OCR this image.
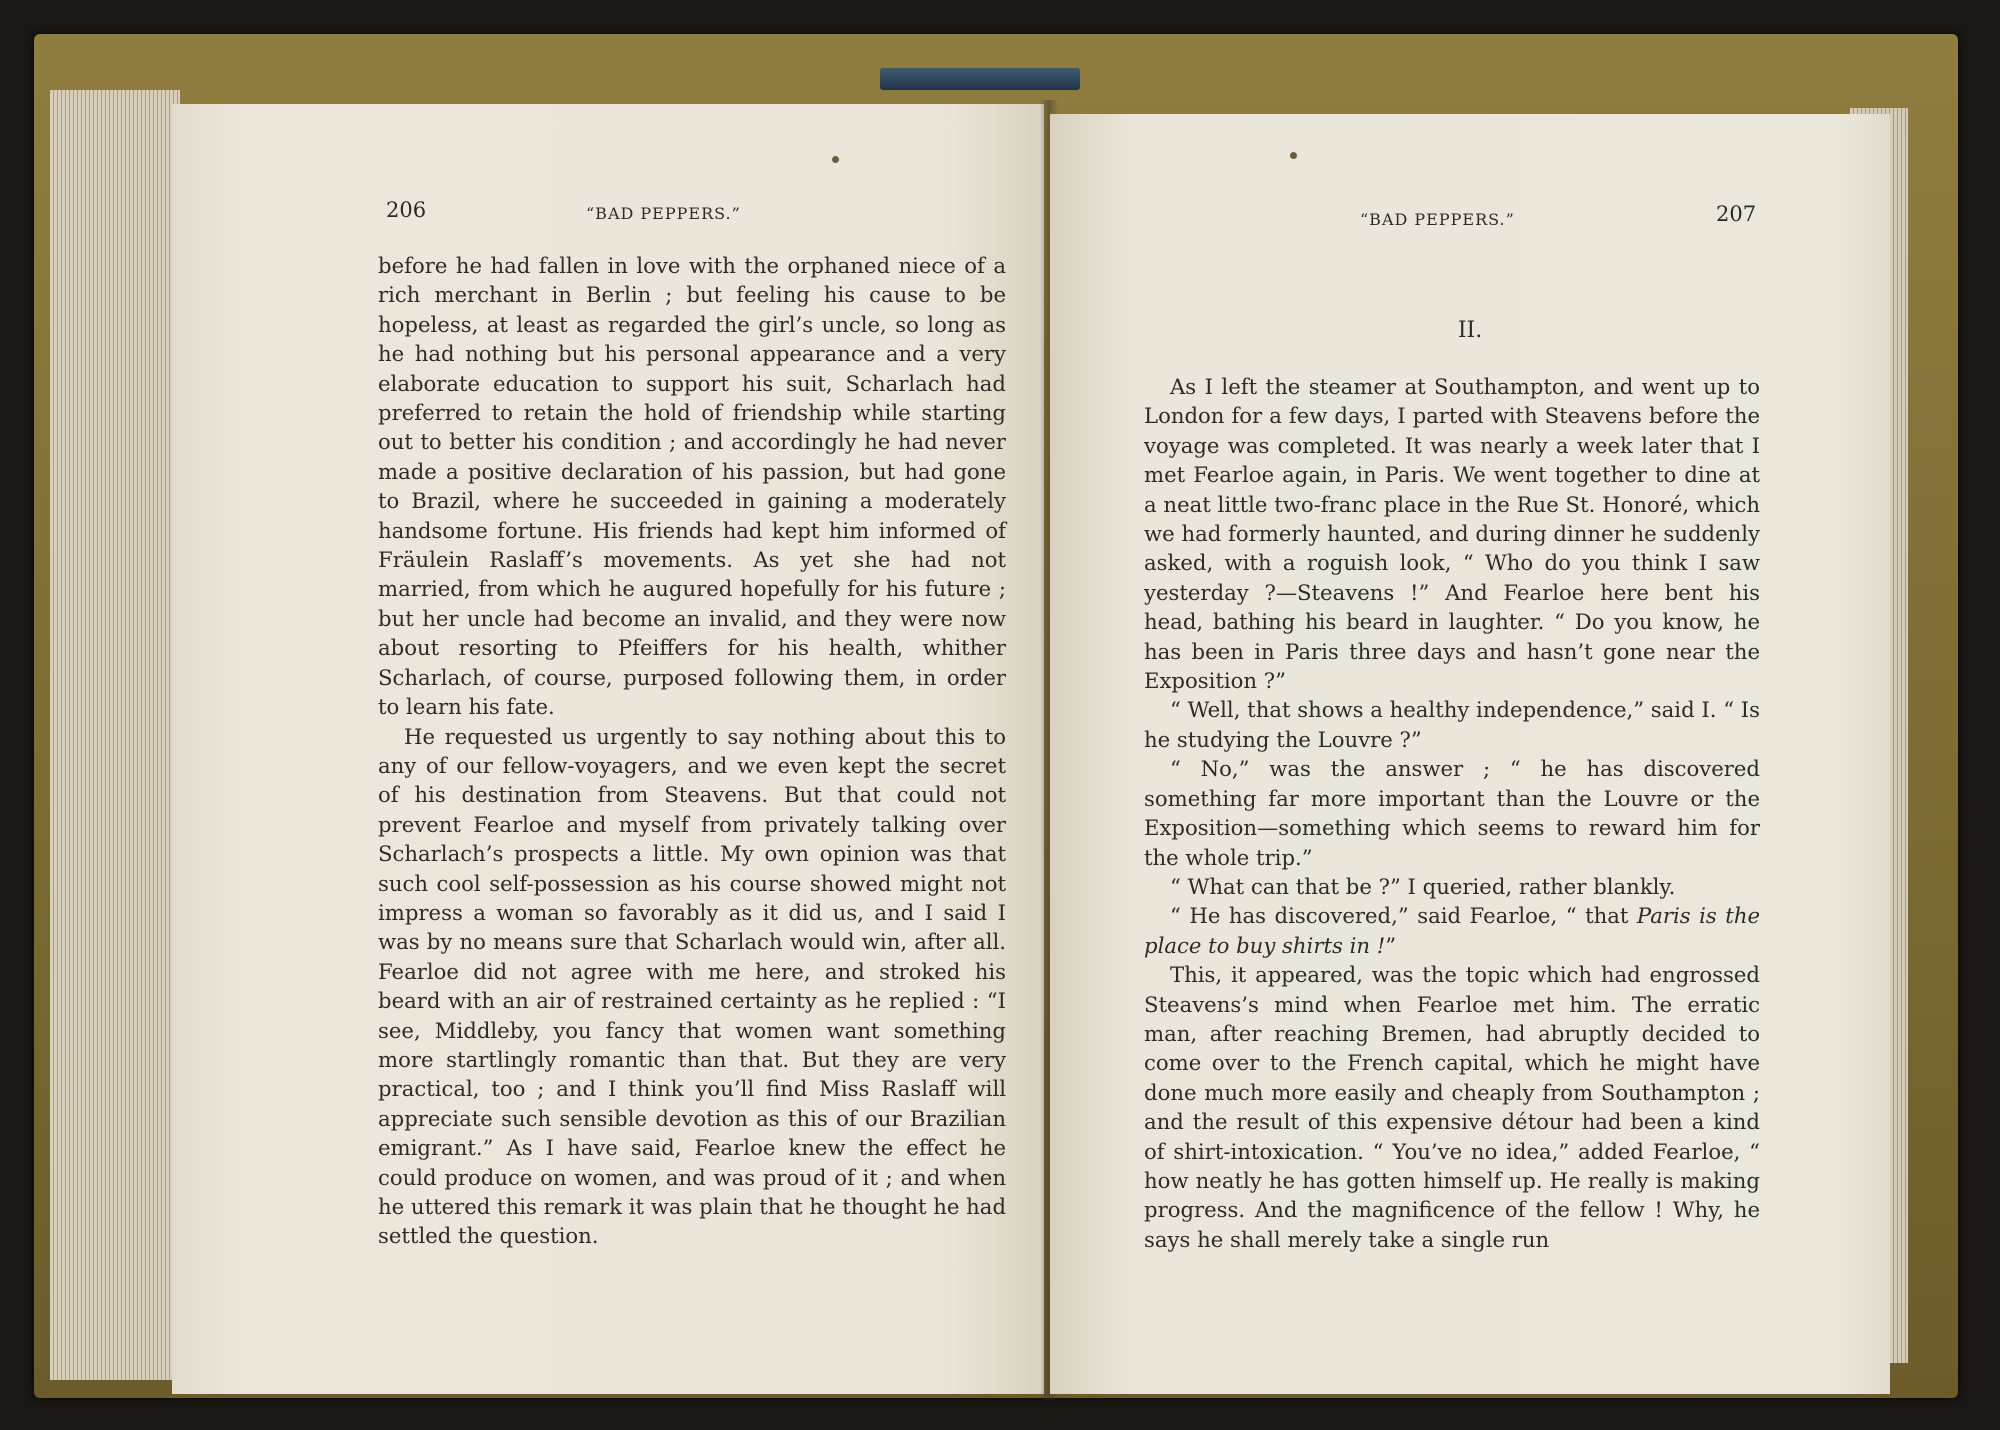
206	“BAD PEPPERS.”

before he had fallen in love with the orphaned niece of a rich merchant in Berlin ; but feeling his cause to be hopeless, at least as regarded the girl’s uncle, so long as he had nothing but his personal appearance and a very elaborate education to support his suit, Scharlach had preferred to retain the hold of friendship while starting out to better his condition ; and accordingly he had never made a positive declaration of his passion, but had gone to Brazil, where he succeeded in gaining a moderately handsome fortune. His friends had kept him informed of Fräulein Raslaff’s movements. As yet she had not married, from which he augured hopefully for his future ; but her uncle had become an invalid, and they were now about resorting to Pfeiffers for his health, whither Scharlach, of course, purposed following them, in order to learn his fate.

He requested us urgently to say nothing about this to any of our fellow-voyagers, and we even kept the secret of his destination from Steavens. But that could not prevent Fearloe and myself from privately talking over Scharlach’s prospects a little. My own opinion was that such cool self-possession as his course showed might not impress a woman so favorably as it did us, and I said I was by no means sure that Scharlach would win, after all. Fearloe did not agree with me here, and stroked his beard with an air of restrained certainty as he replied : “I see, Middleby, you fancy that women want something more startlingly romantic than that. But they are very practical, too ; and I think you’ll find Miss Raslaff will appreciate such sensible devotion as this of our Brazilian emigrant.” As I have said, Fearloe knew the effect he could produce on women, and was proud of it ; and when he uttered this remark it was plain that he thought he had settled the question.

“BAD PEPPERS.”	207
II.

As I left the steamer at Southampton, and went up to London for a few days, I parted with Steavens before the voyage was completed. It was nearly a week later that I met Fearloe again, in Paris. We went together to dine at a neat little two-franc place in the Rue St. Honoré, which we had formerly haunted, and during dinner he suddenly asked, with a roguish look, “ Who do you think I saw yesterday ?—Steavens !” And Fearloe here bent his head, bathing his beard in laughter. “ Do you know, he has been in Paris three days and hasn’t gone near the Exposition ?”

“ Well, that shows a healthy independence,” said I. “ Is he studying the Louvre ?”

“ No,” was the answer ; “ he has discovered something far more important than the Louvre or the Exposition—something which seems to reward him for the whole trip.”

“ What can that be ?” I queried, rather blankly.

“ He has discovered,” said Fearloe, “ that Paris is the place to buy shirts in !”

This, it appeared, was the topic which had engrossed Steavens’s mind when Fearloe met him. The erratic man, after reaching Bremen, had abruptly decided to come over to the French capital, which he might have done much more easily and cheaply from Southampton ; and the result of this expensive détour had been a kind of shirt-intoxication. “ You’ve no idea,” added Fearloe, “ how neatly he has gotten himself up. He really is making progress. And the magnificence of the fellow ! Why, he says he shall merely take a single run
